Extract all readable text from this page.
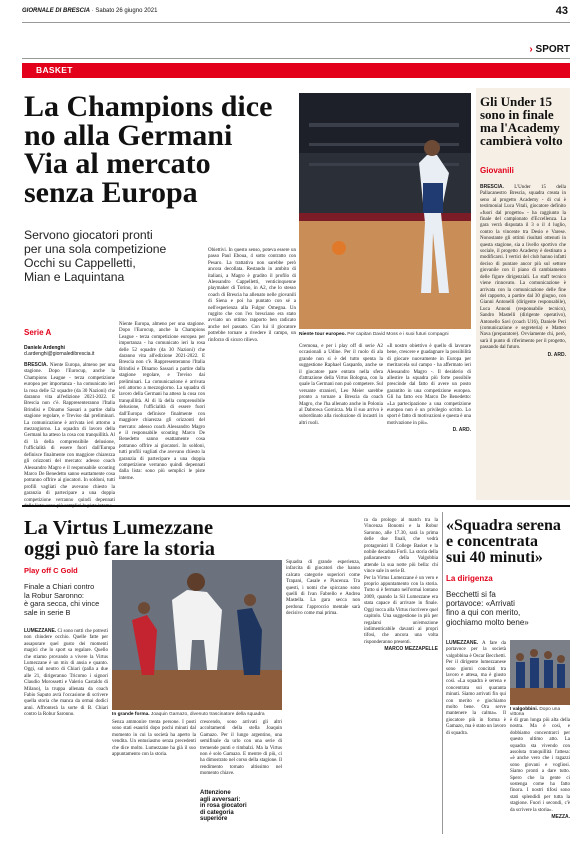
GIORNALE DI BRESCIA · Sabato 26 giugno 2021	43
› SPORT
BASKET
La Champions dice
no alla Germani
Via al mercato
senza Europa
Servono giocatori pronti
per una sola competizione
Occhi su Cappelletti,
Mian e Laquintana
Serie A
Daniele Ardenghi
d.ardenghi@giornaledibrescia.it
BRESCIA. Niente Europa, almeno per una stagione. Dopo l'Eurocup, anche la Champions League - terza competizione europea per importanza - ha comunicato ieri la rosa delle 52 squadre (da 30 Nazioni) che daranno vita all'edizione 2021-2022. E Brescia non c'è. Rappresenteranno l'Italia Brindisi e Dinamo Sassari a partire dalla stagione regolare, e Treviso dai preliminari. La comunicazione è arrivata ieri attorno a mezzogiorno. La squadra di lavoro della Germani ha atteso la cosa con tranquillità. Al di là della comprensibile delusione, l'ufficialità di essere fuori dall'Europa definisce finalmente con maggiore chiarezza gli orizzonti del mercato: adesso coach Alessandro Magro e il responsabile scouting Marco De Benedetto sanno esattamente cosa potranno offrire ai giocatori. In soldoni, tutti profili vagliati che avevano chiesto la garanzia di partecipare a una doppia competizione verranno quindi depennati
Niente Europa, almeno per una stagione. Dopo l'Eurocup, anche la Champions League - terza competizione europea per importanza - ha comunicato ieri la rosa delle 52 squadre (da 30 Nazioni) che daranno vita all'edizione 2021-2022. E Brescia non c'è. Rappresenteranno l'Italia Brindisi e Dinamo Sassari a partire dalla stagione regolare, e Treviso dai preliminari. La comunicazione è arrivata ieri attorno a mezzogiorno. La squadra di lavoro della Germani ha atteso la cosa con tranquillità. Al di là della comprensibile delusione, l'ufficialità di essere fuori dall'Europa definisce finalmente con maggiore chiarezza gli orizzonti del mercato: adesso coach Alessandro Magro e il responsabile scouting Marco De Benedetto sanno esattamente cosa potranno offrire ai giocatori. In soldoni, tutti profili vagliati che avevano chiesto la garanzia di partecipare a una doppia competizione verranno quindi depennati dalla lista: sono più semplici le piste interne.
Obiettivi. In questo senso, poteva essere un passo Paul Eboua, 4 sotto contratto con Pesaro. La trattativa non sarebbe però ancora decollata. Restando in ambito di italiani, a Magro è gradito il profilo di Alessandro Cappelletti, venticinquenne playmaker di Torino, in A2, che lo stesso coach di Brescia ha allenato nelle giovanili di Siena e poi ha puntato con sé a nell'esperienza alla Fulgor Omegna. Un ruggito che con l'ex bresciano era stato avviato un ottimo rapporto ben radicato anche nel passato. Con lui il giocatore potrebbe tornare a rivedere il campo, un rinforzo di sicuro rilievo.
Niente tour europeo. Per capitan David Moss e i suoi futuri compagni
Cremona, e per i play off di serie A2 occasionali a Udine. Per il ruolo di ala grande non si è del tutto spenta la suggestione Raphael Gaspardo, anche se il giocatore pare entrato nella sfera d'attrazione della Virtus Bologna, con la quale la Germani non può competere. Sul versante stranieri, Leo Meier sarebbe pronto a tornare a Brescia da coach Magro, che l'ha allenato anche in Polonia al Dabrowa Gornicza. Ma il suo arrivo è subordinato alla risoluzione di incastri in altri ruoli.
«Il nostro obiettivo è quello di lavorare bene, crescere e guadagnare la possibilità di giocare nuovamente in Europa per meritarcela sul campo - ha affermato ieri Alessandro Magro -. Il desiderio di allestire la squadra più forte possibile prescinde dal fatto di avere un posto garantito in una competizione europea. Gli ha fatto eco Marco De Benedetto: «La partecipazione a una competizione europea non è un privilegio scritto. Lo sport è fatto di motivazioni e questa è una motivazione in più».
D. ARD.
Gli Under 15
sono in finale
ma l'Academy
cambierà volto
Giovanili
BRESCIA. L'Under 15 della Pallacanestro Brescia, squadra creata in seno al progetto Academy - di cui è testimonial Luca Vitali, giocatore definito «fuori dal progetto» - ha raggiunto la finale del campionato d'Eccellenza. La gara verrà disputata il 3 o il 4 luglio, contro la vincente tra Desio e Varese. Nonostante gli ottimi risultati ottenuti in questa stagione, sia a livello sportivo che sociale, il progetto Academy è destinato a modificarsi. I vertici del club hanno infatti deciso di puntare ancor più sul settore giovanile con il piano di cambiamento delle figure dirigenziali. Lo staff tecnico viene rinnovato. La comunicazione è arrivata con la comunicazione delle fine del rapporto, a partire dal 30 giugno, con Gianni Antonelli (dirigente responsabile), Luca Annoni (responsabile tecnico), Sandro Mastelli (dirigente operativo), Antonello Savi (coach U16), Daniele Peri (comunicazione e segreteria) e Matteo Nava (preparatore). Ovviamente chi, però, sarà il punto di riferimento per il progetto, passando dal futuro.
D. ARD.
La Virtus Lumezzane
oggi può fare la storia
Play off C Gold
Finale a Chiari contro
la Robur Saronno:
è gara secca, chi vince
sale in serie B
LUMEZZANE. Ci sono notti che potresti non chiudere occhio. Quelle fatte per assaporare quel gusto dei momenti magici che lo sport sa regalare. Quello che stiamo provando a vivere la Virtus Lumezzane è un mix di ansia e quanto. Oggi, sul neutro di Chiari (palla a due alle 21, dirigeranno Tricomo i signori Claudio Morossetti e Valerio Castaldo di Milano), la truppa allenata da coach Fabio Saputo avrà l'occasione di scrivere quella storia che manca da ormai dodici anni. Affronterà la sorte di B. Chiari contro la Robur Saronno.
Senza ammonire trenta persone. I posti sono stati esauriti dopo pochi minuti dal momento in cui la società ha aperto la vendita. Un entusiasmo senza precedenti che dice molto. Lumezzane ha già il suo appuntamento con la storia.
In grande forma. Joaquin Gamazo, divenuto trascinatore della squadra
crescendo, sono arrivati gli altri accoltamenti della stella Joaquin Gamazo. Per il lungo argentino, una semifinale da urlo con una serie di tremende punti e rimbalzi. Ma la Virtus non è solo Gamazo. E mentre di più, ci ha dimostrato nel corso della stagione. Il rendimento tornato altissimo nel momento chiave.
Attenzione
agli avversari:
in rosa giocatori
di categoria
superiore
Squadra di grande esperienza, infarcita di giocatori che hanno calcato categorie superiori come Trapani, Casale e Piacenza. Tra questi, i nomi che spiccano sono quelli di Ivan Fabrello e Andrea Mastella. La gara secca non perdona: l'approccio mentale sarà decisivo come mai prima.
ra da prologo al match tra la Vincenza Bonomi e la Robur Saronno, alle 17.30, sarà la prima delle due finali, che vedrà protagonisti Il College Basket e la nobile decaduta Forlì. La storia della pallacanestro della Valgobbia attende la sua notte più bella: chi vince sale in serie B.
Per la Virtus Lumezzane è un vero e proprio appuntamento con la storia. Tutto si è fermato nell'ormai lontano 2009, quando la Sil Lumezzane era stata capace di arrivare in finale. Oggi tocca alla Virtus riscrivere quel capitolo. Una suggestione in più per regalarsi un'emozione indimenticabile davanti ai propri tifosi, che ancora una volta risponderanno presenti.
MARCO MEZZAPELLE
«Squadra serena
e concentrata
sui 40 minuti»
La dirigenza
Becchetti si fa
portavoce: «Arrivati
fino a qui con merito,
giochiamo molto bene»
LUMEZZANE. A fare da portavoce per la società valgobbina è Oscar Becchetti. Per il dirigente lumezzanese sono giorni concitati tra lavoro e attesa, ma è giusto così. «La squadra è serena e concentrata sui quaranta minuti. Siamo arrivati fin qui con merito e giochiamo molto bene. Ora serve mantenere la calma». Il giocatore più in forma è Gamazo, ma è stato un lavoro di squadra.
I valgobbini. Dopo una vittoria
è di gran lunga più alta della nostra. Ma è così, e dobbiamo concentrarci per questo ultimo atto. La squadra sta vivendo con assoluta tranquillità l'attesa: «è anche vero che i ragazzi sono giovani e vogliosi. Siamo pronti a dare tutto. Spero che la gente ci sostenga come ha fatto finora. I nostri tifosi sono stati splendidi per tutta la stagione. Fuori i secondi, c'è da scrivere la storia».
MEZZA.
